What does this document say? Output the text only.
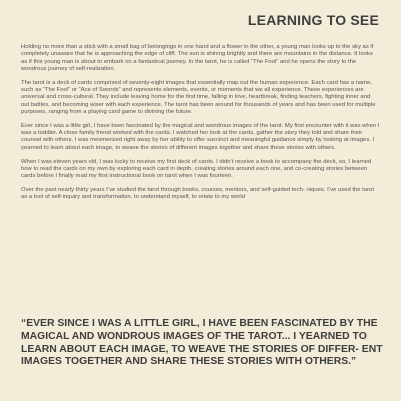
LEARNING TO SEE

Holding no more than a stick with a small bag of belongings in one hand and a flower in the other, a young man looks up to the sky as if completely unaware that he is approaching the edge of cliff. The sun is shining brightly and there are mountains in the distance. It looks as if this young man is about to embark on a fantastical journey. In the tarot, he is called “The Fool” and he opens the story to the wondrous journey of self-realization.

The tarot is a deck of cards comprised of seventy-eight images that essentially map out the human experience. Each card has a name, such as “The Fool” or “Ace of Swords” and represents elements, events, or moments that we all experience. These experiences are universal and cross-cultural. They include leaving home for the first time, falling in love, heartbreak, finding teachers, fighting inner and out battles, and becoming wiser with each experience. The tarot has been around for thousands of years and has been used for multiple purposes, ranging from a playing card game to divining the future.

Ever since I was a little girl, I have been fascinated by the magical and wondrous images of the tarot. My first encounter with it was when I was a toddler. A close family friend worked with the cards. I watched her look at the cards, gather the story they told and share their counsel with others. I was mesmerized right away by her ability to offer succinct and meaningful guidance simply by looking at images. I yearned to learn about each image, to weave the stories of different images together and share these stories with others.

When I was eleven years old, I was lucky to receive my first deck of cards. I didn’t receive a book to accompany the deck, so, I learned how to read the cards on my own by exploring each card in depth, creating stories around each one, and co-creating stories between cards before I finally read my first instructional book on tarot when I was fourteen.

Over the past nearly thirty years I’ve studied the tarot through books, courses, mentors, and self-guided tech- niques. I’ve used the tarot as a tool of self-inquiry and transformation, to understand myself, to relate to my world

“EVER SINCE I WAS A LITTLE GIRL, I HAVE BEEN FASCINATED BY THE MAGICAL AND WONDROUS IMAGES OF THE TAROT... I YEARNED TO LEARN ABOUT EACH IMAGE, TO WEAVE THE STORIES OF DIFFER- ENT IMAGES TOGETHER AND SHARE THESE STORIES WITH OTHERS.”
